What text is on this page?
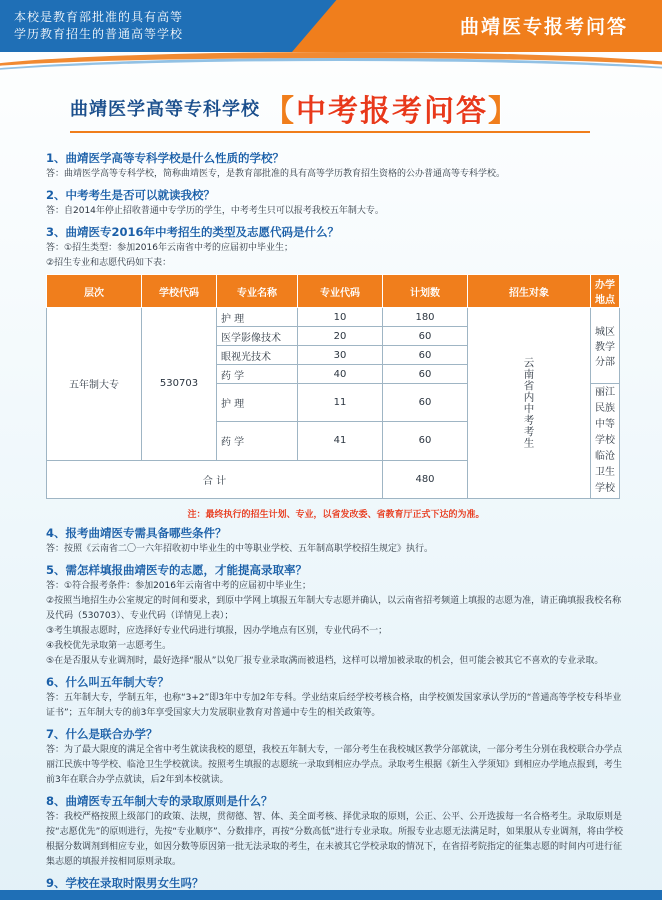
本校是教育部批准的具有高等
学历教育招生的普通高等学校	曲靖医专报考问答
曲靖医学高等专科学校 【中考报考问答】
1、曲靖医学高等专科学校是什么性质的学校？
答：曲靖医学高等专科学校，简称曲靖医专，是教育部批准的具有高等学历教育招生资格的公办普通高等专科学校。
2、中考考生是否可以就读我校？
答：自2014年停止招收普通中专学历的学生，中考考生只可以报考我校五年制大专。
3、曲靖医专2016年中考招生的类型及志愿代码是什么？
答：①招生类型：参加2016年云南省中考的应届初中毕业生；
②招生专业和志愿代码如下表：
层次	学校代码	专业名称	专业代码	计划数	招生对象	办学地点
五年制大专	530703	护 理	10	180	云南省内中考考生	城区教学分部
		医学影像技术	20	60		
		眼视光技术	30	60		
		药 学	40	60		
		护 理	11	60		丽江民族中等学校
临沧卫生学校

		药 学	41	60		
合 计				480		
注：最终执行的招生计划、专业，以省发改委、省教育厅正式下达的为准。
4、报考曲靖医专需具备哪些条件？
答：按照《云南省二〇一六年招收初中毕业生的中等职业学校、五年制高职学校招生规定》执行。
5、需怎样填报曲靖医专的志愿，才能提高录取率？
答：①符合报考条件：参加2016年云南省中考的应届初中毕业生；
②按照当地招生办公室规定的时间和要求，到原中学网上填报五年制大专志愿并确认，以云南省招考频道上填报的志愿为准，请正确填报我校名称及代码（530703）、专业代码（详情见上表）；
③考生填报志愿时，应选择好专业代码进行填报，因办学地点有区别，专业代码不一；
④我校优先录取第一志愿考生。
⑤在是否服从专业调剂时，最好选择“服从”以免厂报专业录取满而被退档，这样可以增加被录取的机会，但可能会被其它不喜欢的专业录取。
6、什么叫五年制大专？
答：五年制大专，学制五年，也称“3+2”即3年中专加2年专科。学业结束后经学校考核合格，由学校颁发国家承认学历的“普通高等学校专科毕业证书”；五年制大专的前3年享受国家大力发展职业教育对普通中专生的相关政策等。
7、什么是联合办学？
答：为了最大限度的满足全省中考生就读我校的愿望，我校五年制大专，一部分考生在我校城区教学分部就读，一部分考生分别在我校联合办学点丽江民族中等学校、临沧卫生学校就读。按照考生填报的志愿统一录取到相应办学点。录取考生根据《新生入学须知》到相应办学地点报到，考生前3年在联合办学点就读，后2年到本校就读。
8、曲靖医专五年制大专的录取原则是什么？
答：我校严格按照上级部门的政策、法规，贯彻德、智、体、美全面考核、择优录取的原则，公正、公平、公开选拔每一名合格考生。录取原则是按“志愿优先”的原则进行，先按“专业顺序”、分数排序，再按“分数高低”进行专业录取。所报专业志愿无法满足时，如果服从专业调剂，将由学校根据分数调剂到相应专业，如因分数等原因第一批无法录取的考生，在未被其它学校录取的情况下，在省招考院指定的征集志愿的时间内可进行征集志愿的填报并按相同原则录取。
9、学校在录取时限男女生吗？
